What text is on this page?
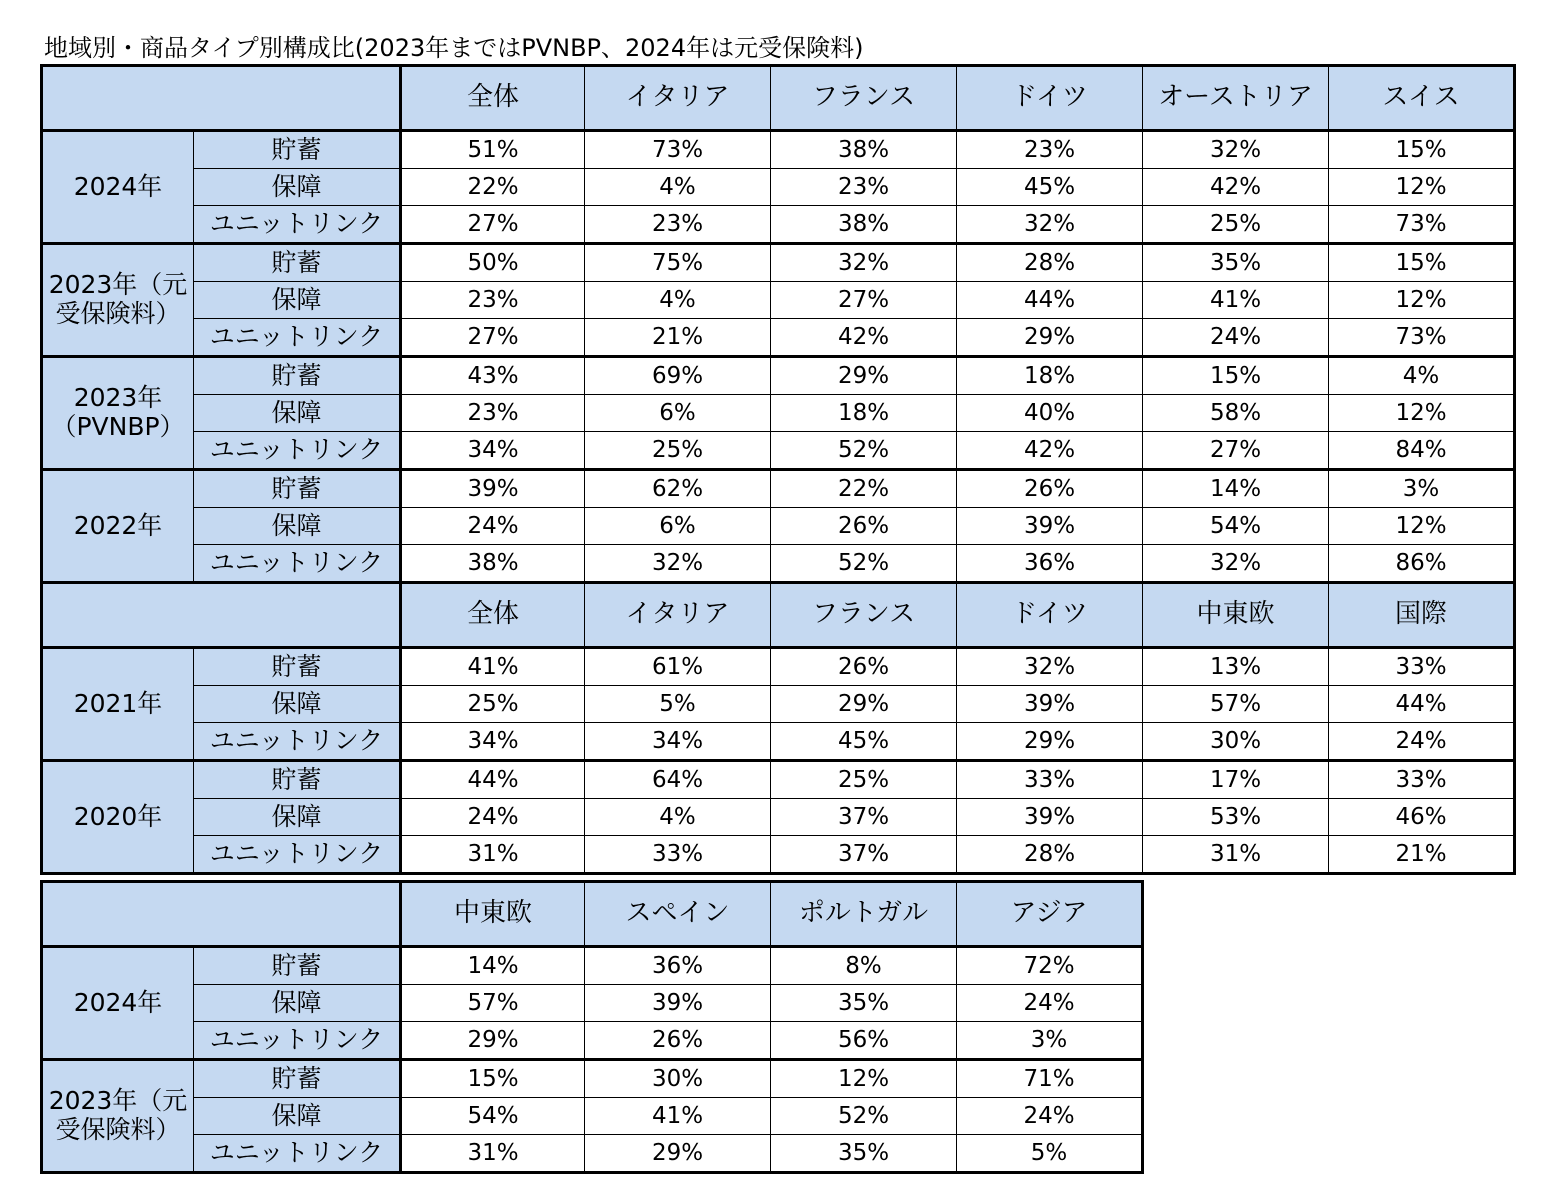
地域別・商品タイプ別構成比(2023年まではPVNBP、2024年は元受保険料)
		全体	イタリア	フランス	ドイツ	オーストリア	スイス
2024年	貯蓄	51%	73%	38%	23%	32%	15%
	保障	22%	4%	23%	45%	42%	12%
	ユニットリンク	27%	23%	38%	32%	25%	73%
2023年（元受保険料）	貯蓄	50%	75%	32%	28%	35%	15%
	保障	23%	4%	27%	44%	41%	12%
	ユニットリンク	27%	21%	42%	29%	24%	73%
2023年（PVNBP）	貯蓄	43%	69%	29%	18%	15%	4%
	保障	23%	6%	18%	40%	58%	12%
	ユニットリンク	34%	25%	52%	42%	27%	84%
2022年	貯蓄	39%	62%	22%	26%	14%	3%
	保障	24%	6%	26%	39%	54%	12%
	ユニットリンク	38%	32%	52%	36%	32%	86%
		全体	イタリア	フランス	ドイツ	中東欧	国際
2021年	貯蓄	41%	61%	26%	32%	13%	33%
	保障	25%	5%	29%	39%	57%	44%
	ユニットリンク	34%	34%	45%	29%	30%	24%
2020年	貯蓄	44%	64%	25%	33%	17%	33%
	保障	24%	4%	37%	39%	53%	46%
	ユニットリンク	31%	33%	37%	28%	31%	21%
		中東欧	スペイン	ポルトガル	アジア
2024年	貯蓄	14%	36%	8%	72%
	保障	57%	39%	35%	24%
	ユニットリンク	29%	26%	56%	3%
2023年（元受保険料）	貯蓄	15%	30%	12%	71%
	保障	54%	41%	52%	24%
	ユニットリンク	31%	29%	35%	5%
